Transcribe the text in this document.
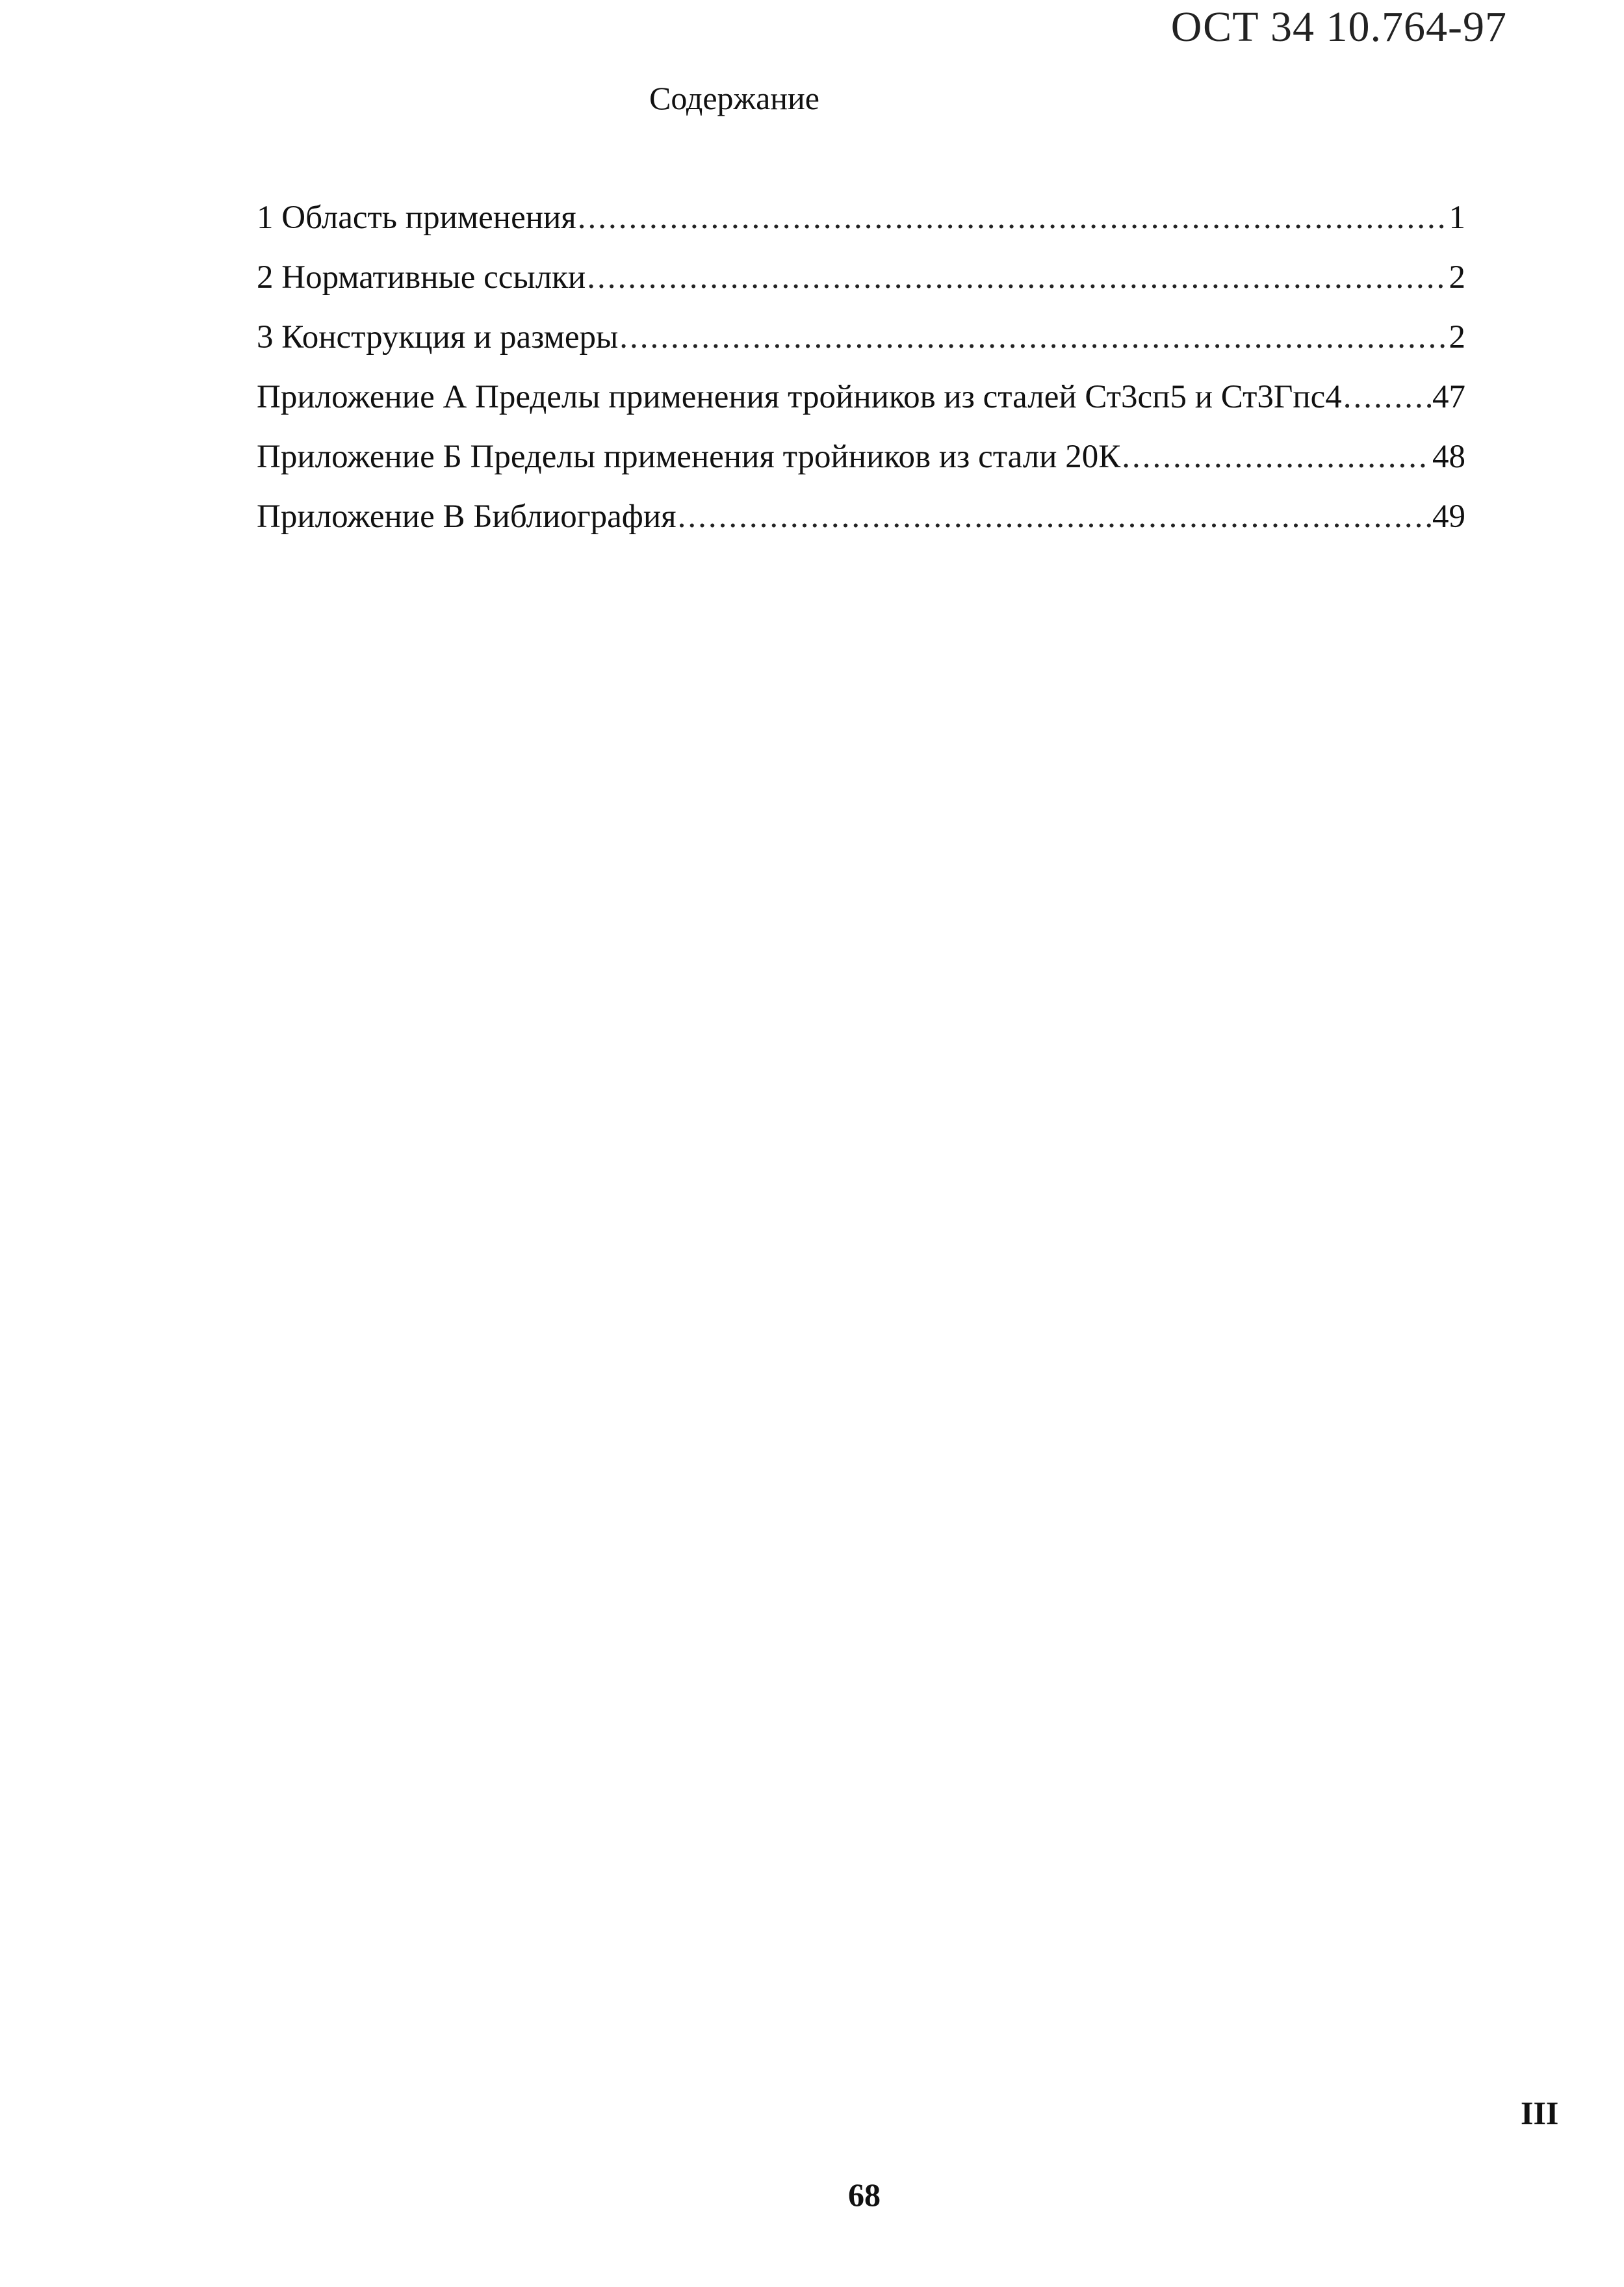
ОСТ 34 10.764-97
Содержание
1 Область применения .....	1
2 Нормативные ссылки .....	2
3 Конструкция и размеры .....	2
Приложение А Пределы применения тройников из сталей Ст3сп5 и Ст3Гпс4 .....	47
Приложение Б Пределы применения тройников из стали 20К .....	48
Приложение В Библиография .....	49
III
68
